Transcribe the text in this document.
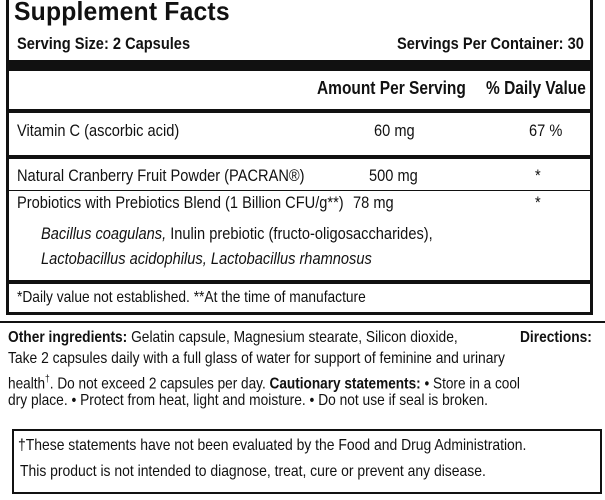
Supplement Facts
Serving Size: 2 Capsules	Servings Per Container: 30
Amount Per Serving	% Daily Value
Vitamin C (ascorbic acid)	60 mg	67 %
Natural Cranberry Fruit Powder (PACRAN®)	500 mg	*
Probiotics with Prebiotics Blend (1 Billion CFU/g**) 78 mg	*
Bacillus coagulans, Inulin prebiotic (fructo-oligosaccharides),
Lactobacillus acidophilus, Lactobacillus rhamnosus
*Daily value not established. **At the time of manufacture
Other ingredients: Gelatin capsule, Magnesium stearate, Silicon dioxide,	Directions:
Take 2 capsules daily with a full glass of water for support of feminine and urinary
health†. Do not exceed 2 capsules per day. Cautionary statements: • Store in a cool
dry place. • Protect from heat, light and moisture. • Do not use if seal is broken.
†These statements have not been evaluated by the Food and Drug Administration.
This product is not intended to diagnose, treat, cure or prevent any disease.
